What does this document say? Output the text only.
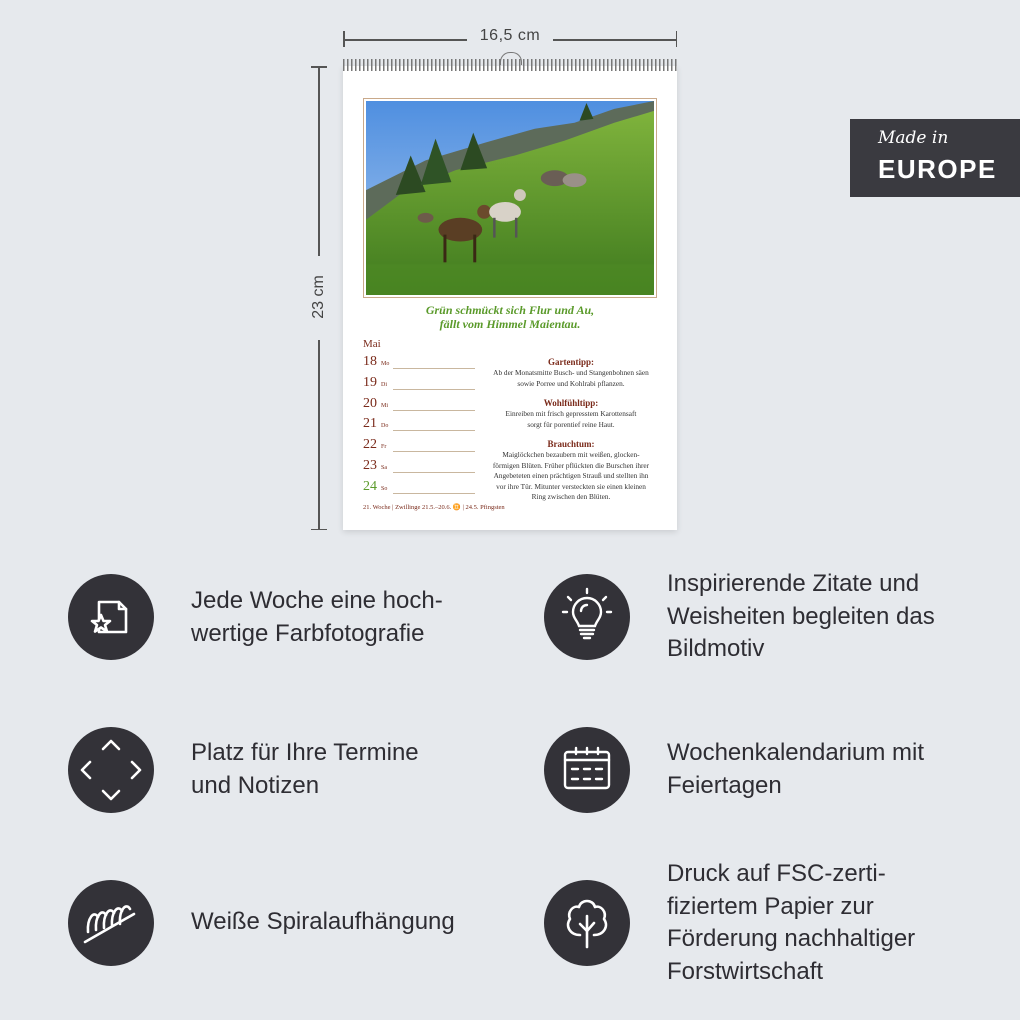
16,5 cm
23 cm	Grün schmückt sich Flur und Au,
fällt vom Himmel Maientau.
Mai
18 Mo
19 Di
20 Mi
21 Do
22 Fr
23 Sa
24 So
Gartentipp:
Ab der Monatsmitte Busch- und Stangenbohnen säen
sowie Porree und Kohlrabi pflanzen.
Wohlfühltipp:
Einreiben mit frisch gepresstem Karottensaft
sorgt für porentief reine Haut.
Brauchtum:
Maiglöckchen bezaubern mit weißen, glocken-
förmigen Blüten. Früher pflückten die Burschen ihrer
Angebeteten einen prächtigen Strauß und stellten ihn
vor ihre Tür. Mitunter versteckten sie einen kleinen
Ring zwischen den Blüten.
21. Woche | Zwillinge 21.5.–20.6. ♊ | 24.5. Pfingsten
Made in
EUROPE
Jede Woche eine hoch-
wertige Farbfotografie
Inspirierende Zitate und
Weisheiten begleiten das
Bildmotiv
Platz für Ihre Termine
und Notizen
Wochenkalendarium mit
Feiertagen
Weiße Spiralaufhängung
Druck auf FSC-zerti-
fiziertem Papier zur
Förderung nachhaltiger
Forstwirtschaft
